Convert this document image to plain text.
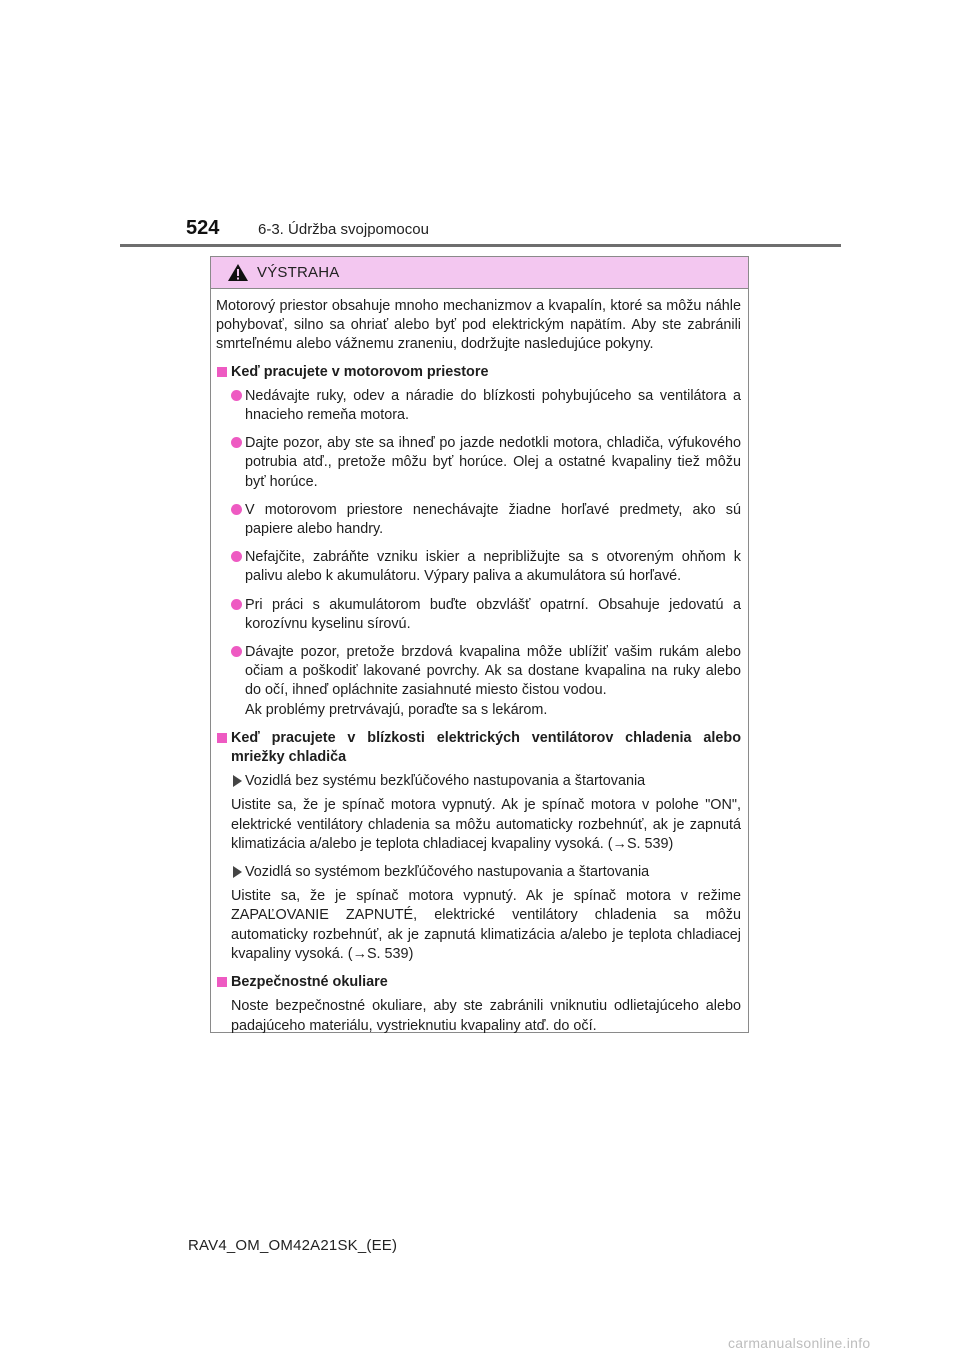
524	6-3. Údržba svojpomocou
VÝSTRAHA

Motorový priestor obsahuje mnoho mechanizmov a kvapalín, ktoré sa môžu náhle pohybovať, silno sa ohriať alebo byť pod elektrickým napätím. Aby ste zabránili smrteľnému alebo vážnemu zraneniu, dodržujte nasledujúce pokyny.

Keď pracujete v motorovom priestore

Nedávajte ruky, odev a náradie do blízkosti pohybujúceho sa ventilátora a hnacieho remeňa motora.

Dajte pozor, aby ste sa ihneď po jazde nedotkli motora, chladiča, výfukového potrubia atď., pretože môžu byť horúce. Olej a ostatné kvapaliny tiež môžu byť horúce.

V motorovom priestore nenechávajte žiadne horľavé predmety, ako sú papiere alebo handry.

Nefajčite, zabráňte vzniku iskier a nepribližujte sa s otvoreným ohňom k palivu alebo k akumulátoru. Výpary paliva a akumulátora sú horľavé.

Pri práci s akumulátorom buďte obzvlášť opatrní. Obsahuje jedovatú a korozívnu kyselinu sírovú.

Dávajte pozor, pretože brzdová kvapalina môže ublížiť vašim rukám alebo očiam a poškodiť lakované povrchy. Ak sa dostane kvapalina na ruky alebo do očí, ihneď opláchnite zasiahnuté miesto čistou vodou.

Ak problémy pretrvávajú, poraďte sa s lekárom.

Keď pracujete v blízkosti elektrických ventilátorov chladenia alebo mriežky chladiča
Vozidlá bez systému bezkľúčového nastupovania a štartovania

Uistite sa, že je spínač motora vypnutý. Ak je spínač motora v polohe "ON", elektrické ventilátory chladenia sa môžu automaticky rozbehnúť, ak je zapnutá klimatizácia a/alebo je teplota chladiacej kvapaliny vysoká. (→S. 539)

Vozidlá so systémom bezkľúčového nastupovania a štartovania

Uistite sa, že je spínač motora vypnutý. Ak je spínač motora v režime ZAPAĽOVANIE ZAPNUTÉ, elektrické ventilátory chladenia sa môžu automaticky rozbehnúť, ak je zapnutá klimatizácia a/alebo je teplota chladiacej kvapaliny vysoká. (→S. 539)

Bezpečnostné okuliare

Noste bezpečnostné okuliare, aby ste zabránili vniknutiu odlietajúceho alebo padajúceho materiálu, vystrieknutiu kvapaliny atď. do očí.

RAV4_OM_OM42A21SK_(EE)
carmanualsonline.info
